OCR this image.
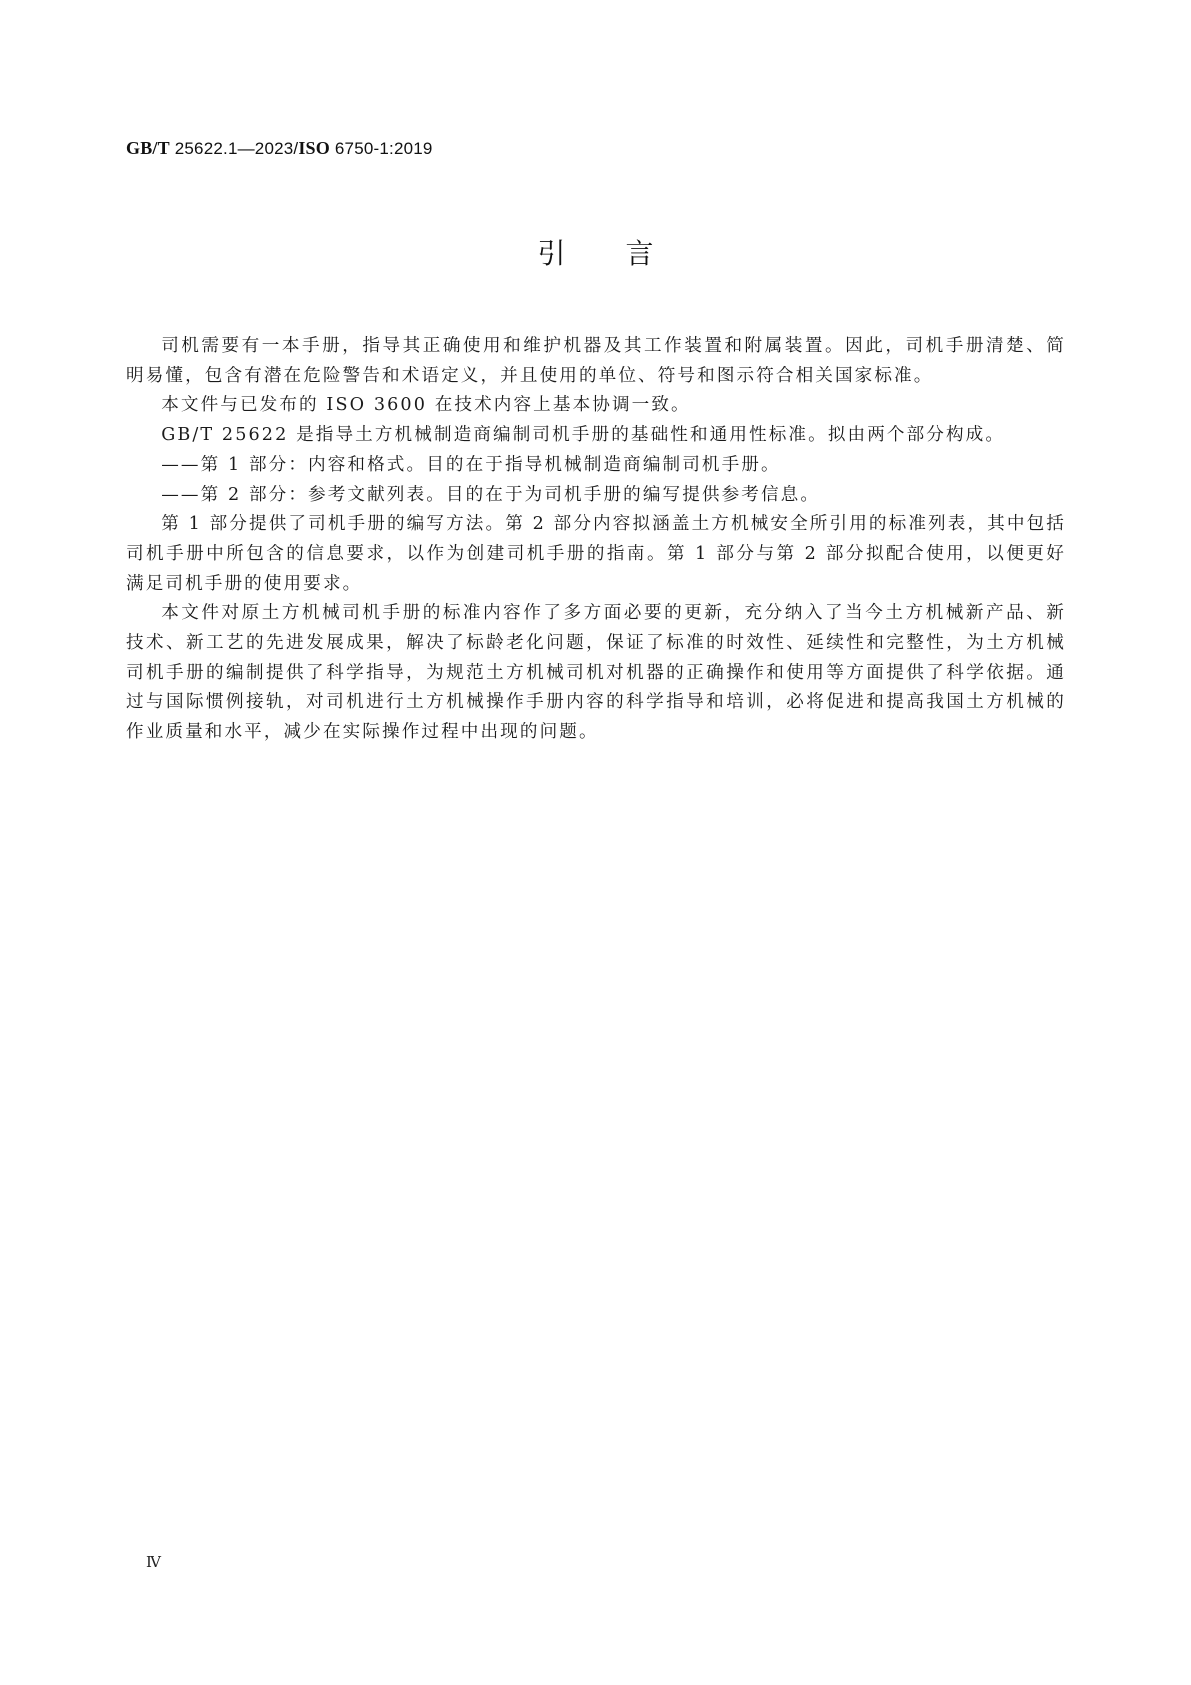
GB/T 25622.1—2023/ISO 6750-1:2019
引言

司机需要有一本手册，指导其正确使用和维护机器及其工作装置和附属装置。因此，司机手册清楚、简明易懂，包含有潜在危险警告和术语定义，并且使用的单位、符号和图示符合相关国家标准。

本文件与已发布的 ISO 3600 在技术内容上基本协调一致。

GB/T 25622 是指导土方机械制造商编制司机手册的基础性和通用性标准。拟由两个部分构成。

——第 1 部分：内容和格式。目的在于指导机械制造商编制司机手册。

——第 2 部分：参考文献列表。目的在于为司机手册的编写提供参考信息。

第 1 部分提供了司机手册的编写方法。第 2 部分内容拟涵盖土方机械安全所引用的标准列表，其中包括司机手册中所包含的信息要求，以作为创建司机手册的指南。第 1 部分与第 2 部分拟配合使用，以便更好满足司机手册的使用要求。

本文件对原土方机械司机手册的标准内容作了多方面必要的更新，充分纳入了当今土方机械新产品、新技术、新工艺的先进发展成果，解决了标龄老化问题，保证了标准的时效性、延续性和完整性，为土方机械司机手册的编制提供了科学指导，为规范土方机械司机对机器的正确操作和使用等方面提供了科学依据。通过与国际惯例接轨，对司机进行土方机械操作手册内容的科学指导和培训，必将促进和提高我国土方机械的作业质量和水平，减少在实际操作过程中出现的问题。

Ⅳ
